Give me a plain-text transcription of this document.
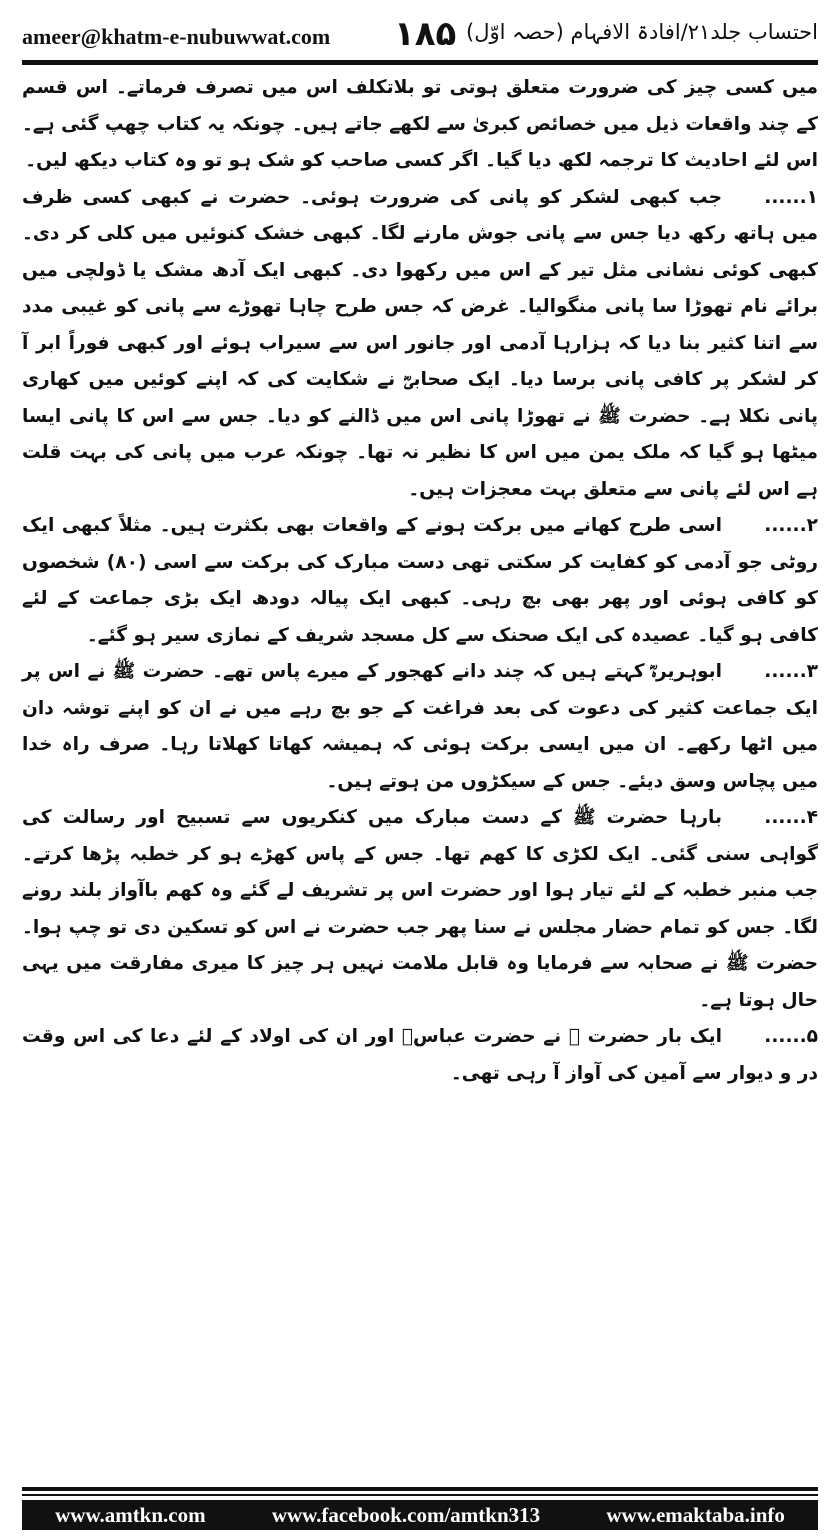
ameer@khatm-e-nubuwwat.com ۱۸۵ احتساب جلد۲۱/افادۃ الافہام (حصہ اوّل)

میں کسی چیز کی ضرورت متعلق ہوتی تو بلاتکلف اس میں تصرف فرماتے۔ اس قسم کے چند واقعات ذیل میں خصائص کبریٰ سے لکھے جاتے ہیں۔ چونکہ یہ کتاب چھپ گئی ہے۔ اس لئے احادیث کا ترجمہ لکھ دیا گیا۔ اگر کسی صاحب کو شک ہو تو وہ کتاب دیکھ لیں۔

۱......جب کبھی لشکر کو پانی کی ضرورت ہوئی۔ حضرت نے کبھی کسی ظرف میں ہاتھ رکھ دیا جس سے پانی جوش مارنے لگا۔ کبھی خشک کنوئیں میں کلی کر دی۔ کبھی کوئی نشانی مثل تیر کے اس میں رکھوا دی۔ کبھی ایک آدھ مشک یا ڈولچی میں برائے نام تھوڑا سا پانی منگوالیا۔ غرض کہ جس طرح چاہا تھوڑے سے پانی کو غیبی مدد سے اتنا کثیر بنا دیا کہ ہزارہا آدمی اور جانور اس سے سیراب ہوئے اور کبھی فوراً ابر آ کر لشکر پر کافی پانی برسا دیا۔ ایک صحابیؓ نے شکایت کی کہ اپنے کوئیں میں کھاری پانی نکلا ہے۔ حضرت ﷺ نے تھوڑا پانی اس میں ڈالنے کو دیا۔ جس سے اس کا پانی ایسا میٹھا ہو گیا کہ ملک یمن میں اس کا نظیر نہ تھا۔ چونکہ عرب میں پانی کی بہت قلت ہے اس لئے پانی سے متعلق بہت معجزات ہیں۔

۲......اسی طرح کھانے میں برکت ہونے کے واقعات بھی بکثرت ہیں۔ مثلاً کبھی ایک روٹی جو آدمی کو کفایت کر سکتی تھی دست مبارک کی برکت سے اسی (۸۰) شخصوں کو کافی ہوئی اور پھر بھی بچ رہی۔ کبھی ایک پیالہ دودھ ایک بڑی جماعت کے لئے کافی ہو گیا۔ عصیدہ کی ایک صحنک سے کل مسجد شریف کے نمازی سیر ہو گئے۔

۳......ابوہریرہؓ کہتے ہیں کہ چند دانے کھجور کے میرے پاس تھے۔ حضرت ﷺ نے اس پر ایک جماعت کثیر کی دعوت کی بعد فراغت کے جو بچ رہے میں نے ان کو اپنے توشہ دان میں اٹھا رکھے۔ ان میں ایسی برکت ہوئی کہ ہمیشہ کھاتا کھلاتا رہا۔ صرف راہ خدا میں پچاس وسق دیئے۔ جس کے سیکڑوں من ہوتے ہیں۔

۴......بارہا حضرت ﷺ کے دست مبارک میں کنکریوں سے تسبیح اور رسالت کی گواہی سنی گئی۔ ایک لکڑی کا کھم تھا۔ جس کے پاس کھڑے ہو کر خطبہ پڑھا کرتے۔ جب منبر خطبہ کے لئے تیار ہوا اور حضرت اس پر تشریف لے گئے وہ کھم باآواز بلند رونے لگا۔ جس کو تمام حضار مجلس نے سنا پھر جب حضرت نے اس کو تسکین دی تو چپ ہوا۔ حضرت ﷺ نے صحابہ سے فرمایا وہ قابل ملامت نہیں ہر چیز کا میری مفارقت میں یہی حال ہوتا ہے۔

۵......ایک بار حضرت ﷺ نے حضرت عباسؓ اور ان کی اولاد کے لئے دعا کی اس وقت در و دیوار سے آمین کی آواز آ رہی تھی۔

www.amtkn.com	www.facebook.com/amtkn313	www.emaktaba.info
